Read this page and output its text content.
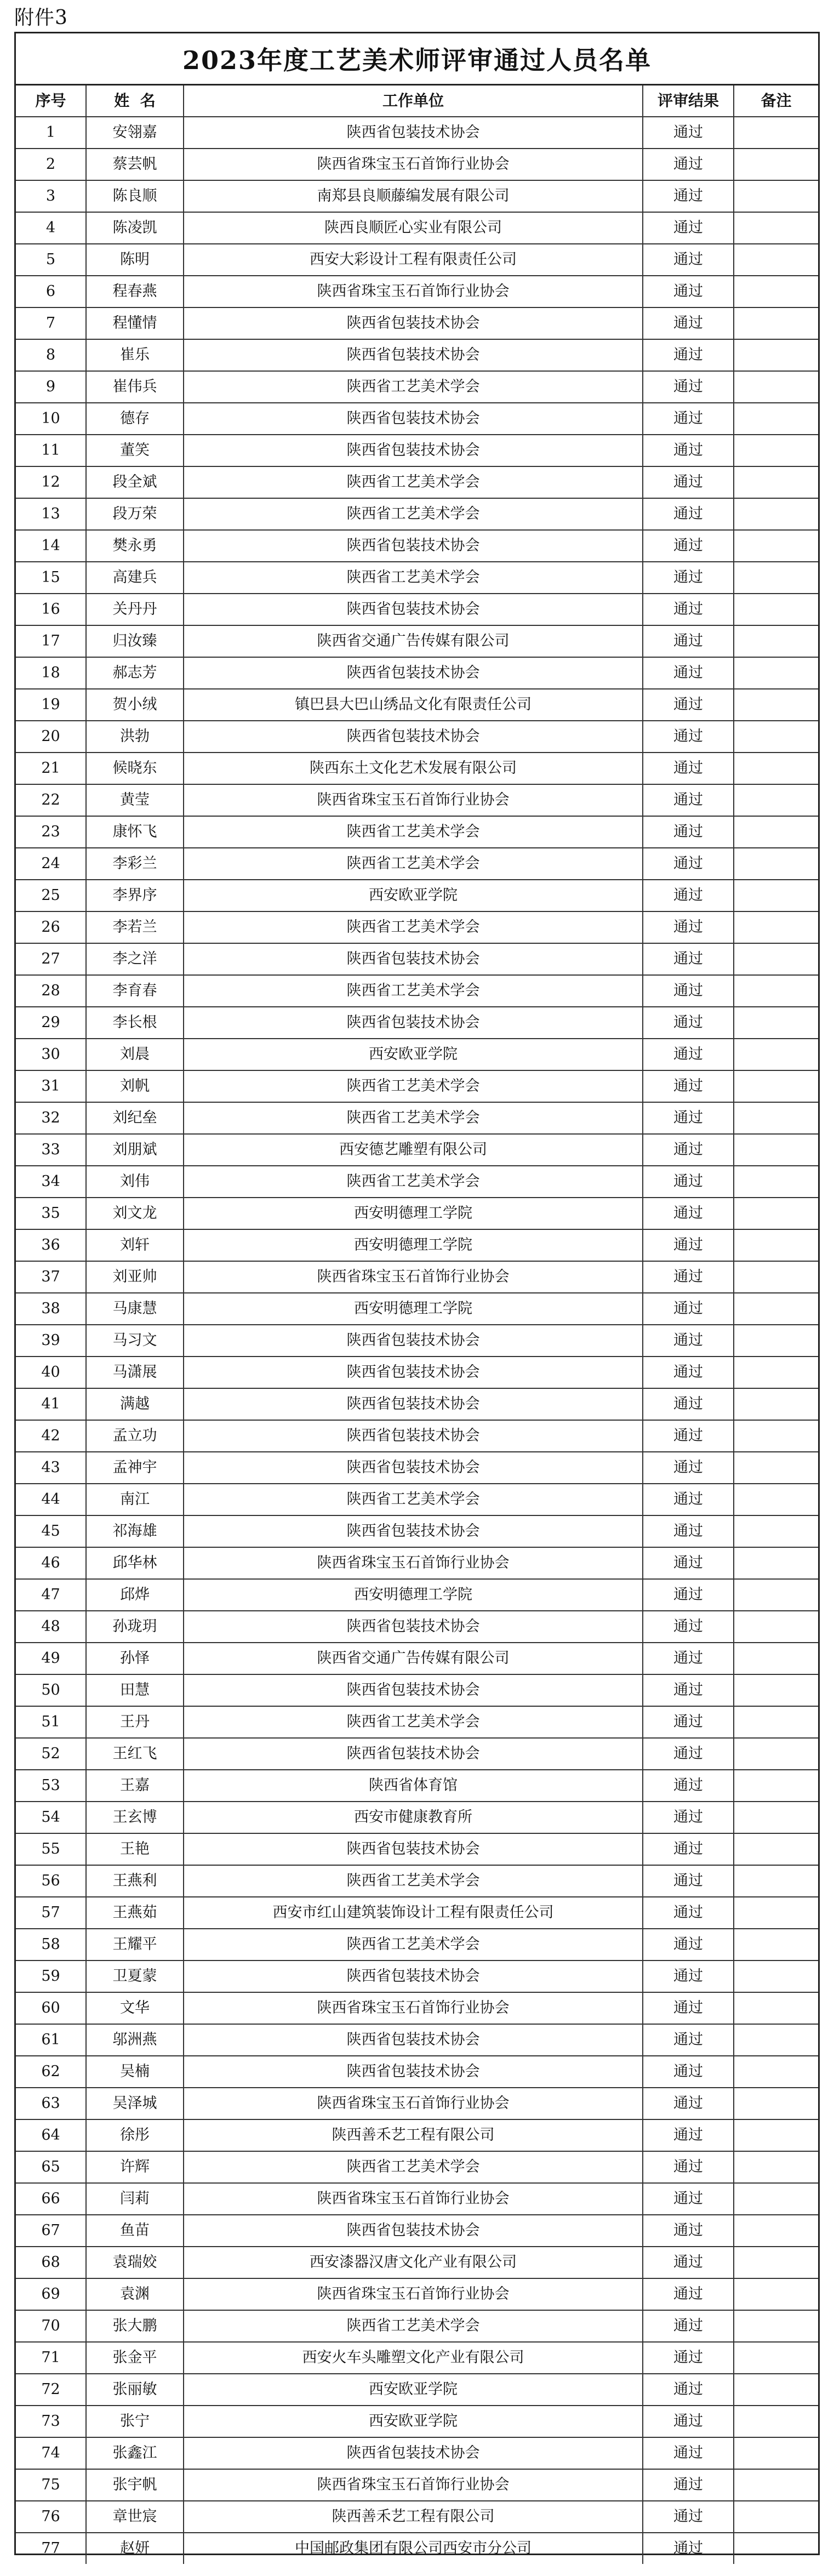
附件3
2023年度工艺美术师评审通过人员名单
序号	姓  名	工作单位	评审结果	备注
1	安翎嘉	陕西省包装技术协会	通过	
2	蔡芸帆	陕西省珠宝玉石首饰行业协会	通过	
3	陈良顺	南郑县良顺藤编发展有限公司	通过	
4	陈凌凯	陕西良顺匠心实业有限公司	通过	
5	陈明	西安大彩设计工程有限责任公司	通过	
6	程春燕	陕西省珠宝玉石首饰行业协会	通过	
7	程懂情	陕西省包装技术协会	通过	
8	崔乐	陕西省包装技术协会	通过	
9	崔伟兵	陕西省工艺美术学会	通过	
10	德存	陕西省包装技术协会	通过	
11	董笑	陕西省包装技术协会	通过	
12	段全斌	陕西省工艺美术学会	通过	
13	段万荣	陕西省工艺美术学会	通过	
14	樊永勇	陕西省包装技术协会	通过	
15	高建兵	陕西省工艺美术学会	通过	
16	关丹丹	陕西省包装技术协会	通过	
17	归汝臻	陕西省交通广告传媒有限公司	通过	
18	郝志芳	陕西省包装技术协会	通过	
19	贺小绒	镇巴县大巴山绣品文化有限责任公司	通过	
20	洪勃	陕西省包装技术协会	通过	
21	候晓东	陕西东土文化艺术发展有限公司	通过	
22	黄莹	陕西省珠宝玉石首饰行业协会	通过	
23	康怀飞	陕西省工艺美术学会	通过	
24	李彩兰	陕西省工艺美术学会	通过	
25	李界序	西安欧亚学院	通过	
26	李若兰	陕西省工艺美术学会	通过	
27	李之洋	陕西省包装技术协会	通过	
28	李育春	陕西省工艺美术学会	通过	
29	李长根	陕西省包装技术协会	通过	
30	刘晨	西安欧亚学院	通过	
31	刘帆	陕西省工艺美术学会	通过	
32	刘纪垒	陕西省工艺美术学会	通过	
33	刘朋斌	西安德艺雕塑有限公司	通过	
34	刘伟	陕西省工艺美术学会	通过	
35	刘文龙	西安明德理工学院	通过	
36	刘轩	西安明德理工学院	通过	
37	刘亚帅	陕西省珠宝玉石首饰行业协会	通过	
38	马康慧	西安明德理工学院	通过	
39	马习文	陕西省包装技术协会	通过	
40	马潇展	陕西省包装技术协会	通过	
41	满越	陕西省包装技术协会	通过	
42	孟立功	陕西省包装技术协会	通过	
43	孟神宇	陕西省包装技术协会	通过	
44	南江	陕西省工艺美术学会	通过	
45	祁海雄	陕西省包装技术协会	通过	
46	邱华林	陕西省珠宝玉石首饰行业协会	通过	
47	邱烨	西安明德理工学院	通过	
48	孙珑玥	陕西省包装技术协会	通过	
49	孙怿	陕西省交通广告传媒有限公司	通过	
50	田慧	陕西省包装技术协会	通过	
51	王丹	陕西省工艺美术学会	通过	
52	王红飞	陕西省包装技术协会	通过	
53	王嘉	陕西省体育馆	通过	
54	王玄博	西安市健康教育所	通过	
55	王艳	陕西省包装技术协会	通过	
56	王燕利	陕西省工艺美术学会	通过	
57	王燕茹	西安市红山建筑装饰设计工程有限责任公司	通过	
58	王耀平	陕西省工艺美术学会	通过	
59	卫夏蒙	陕西省包装技术协会	通过	
60	文华	陕西省珠宝玉石首饰行业协会	通过	
61	邬洲燕	陕西省包装技术协会	通过	
62	吴楠	陕西省包装技术协会	通过	
63	吴泽城	陕西省珠宝玉石首饰行业协会	通过	
64	徐彤	陕西善禾艺工程有限公司	通过	
65	许辉	陕西省工艺美术学会	通过	
66	闫莉	陕西省珠宝玉石首饰行业协会	通过	
67	鱼苗	陕西省包装技术协会	通过	
68	袁瑞姣	西安漆器汉唐文化产业有限公司	通过	
69	袁渊	陕西省珠宝玉石首饰行业协会	通过	
70	张大鹏	陕西省工艺美术学会	通过	
71	张金平	西安火车头雕塑文化产业有限公司	通过	
72	张丽敏	西安欧亚学院	通过	
73	张宁	西安欧亚学院	通过	
74	张鑫江	陕西省包装技术协会	通过	
75	张宇帆	陕西省珠宝玉石首饰行业协会	通过	
76	章世宸	陕西善禾艺工程有限公司	通过	
77	赵妍	中国邮政集团有限公司西安市分公司	通过	
